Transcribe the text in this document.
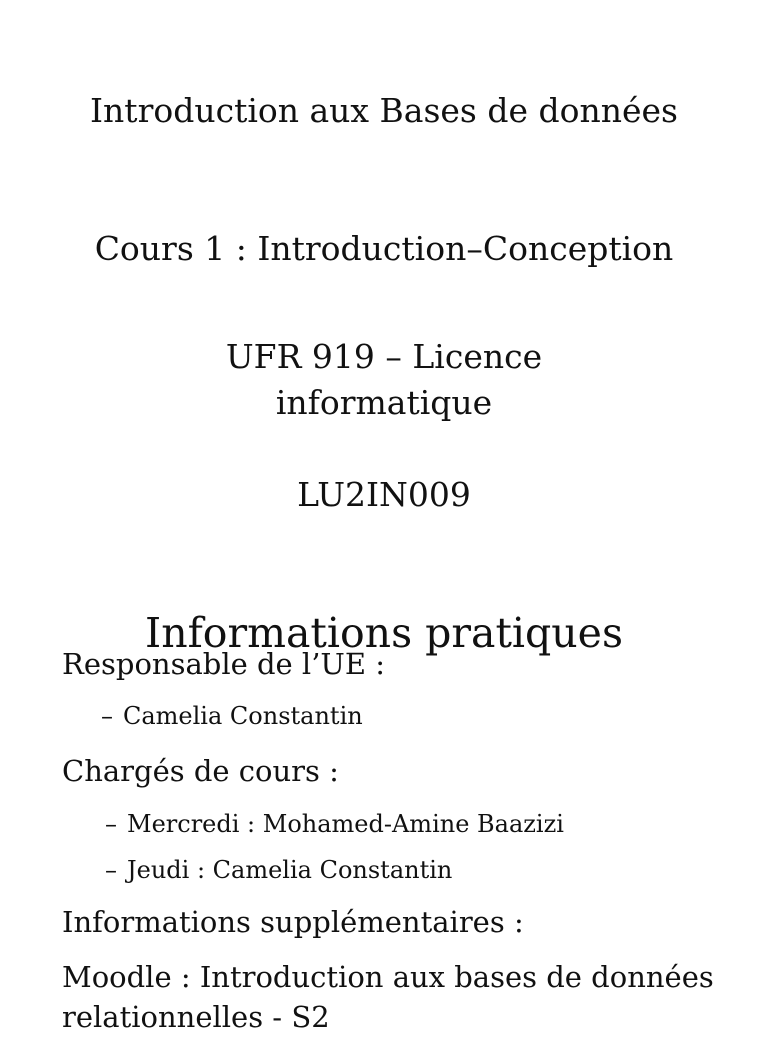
Introduction aux Bases de données
Cours 1 : Introduction–Conception
UFR 919 – Licence
informatique
LU2IN009
Informations pratiques

Responsable de l’UE :

– Camelia Constantin

Chargés de cours :

– Mercredi : Mohamed-Amine Baazizi

– Jeudi : Camelia Constantin

Informations supplémentaires :

Moodle : Introduction aux bases de données relationnelles - S2
